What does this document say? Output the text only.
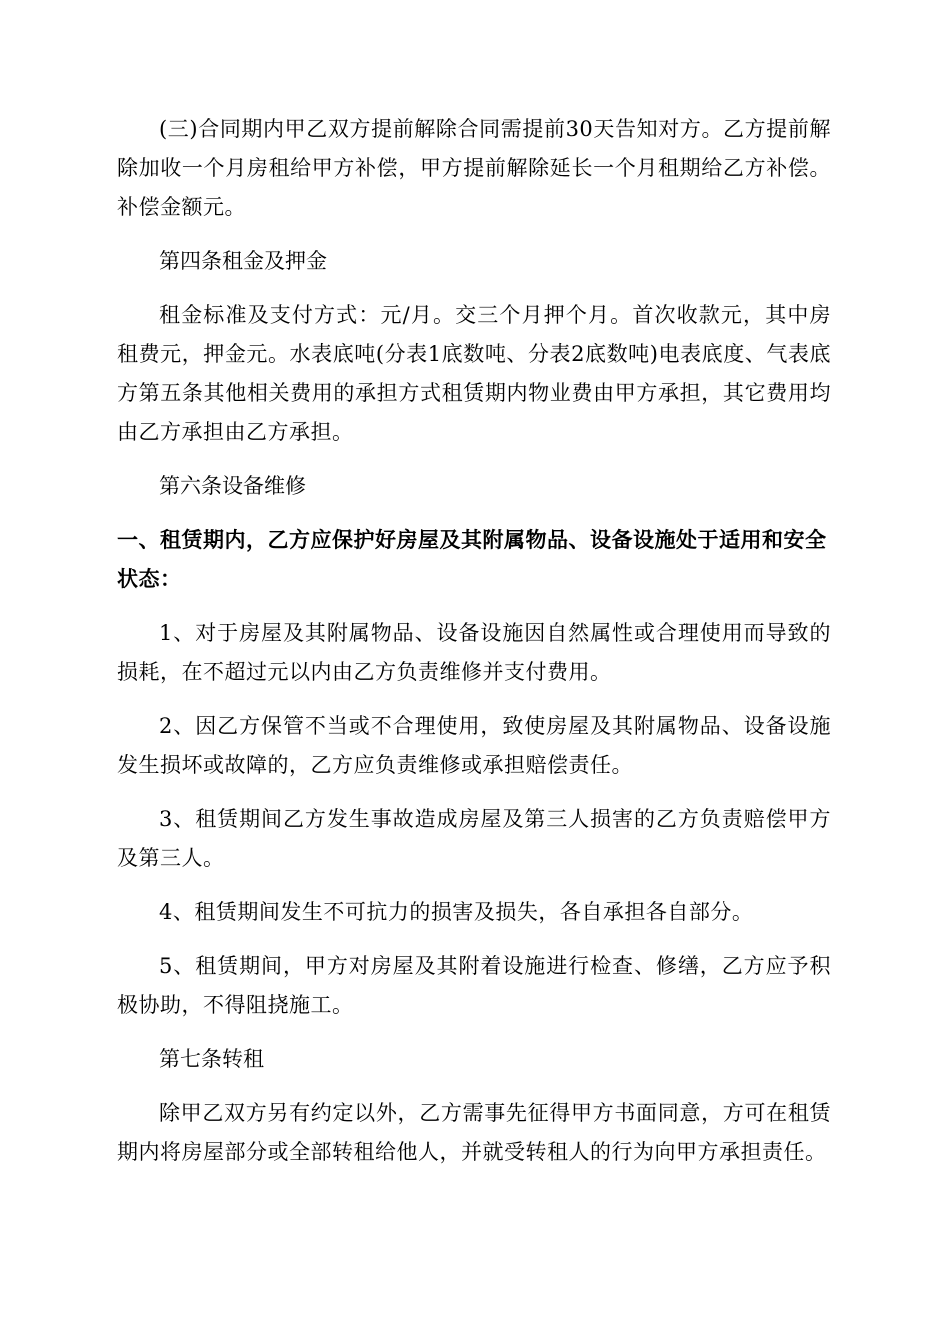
(三)合同期内甲乙双方提前解除合同需提前30天告知对方。乙方提前解除加收一个月房租给甲方补偿，甲方提前解除延长一个月租期给乙方补偿。补偿金额元。

第四条租金及押金

租金标准及支付方式：元/月。交三个月押个月。首次收款元，其中房租费元，押金元。水表底吨(分表1底数吨、分表2底数吨)电表底度、气表底方第五条其他相关费用的承担方式租赁期内物业费由甲方承担，其它费用均由乙方承担由乙方承担。

第六条设备维修

一、租赁期内，乙方应保护好房屋及其附属物品、设备设施处于适用和安全状态：

1、对于房屋及其附属物品、设备设施因自然属性或合理使用而导致的损耗，在不超过元以内由乙方负责维修并支付费用。

2、因乙方保管不当或不合理使用，致使房屋及其附属物品、设备设施发生损坏或故障的，乙方应负责维修或承担赔偿责任。

3、租赁期间乙方发生事故造成房屋及第三人损害的乙方负责赔偿甲方及第三人。

4、租赁期间发生不可抗力的损害及损失，各自承担各自部分。

5、租赁期间，甲方对房屋及其附着设施进行检查、修缮，乙方应予积极协助，不得阻挠施工。

第七条转租

除甲乙双方另有约定以外，乙方需事先征得甲方书面同意，方可在租赁期内将房屋部分或全部转租给他人，并就受转租人的行为向甲方承担责任。
